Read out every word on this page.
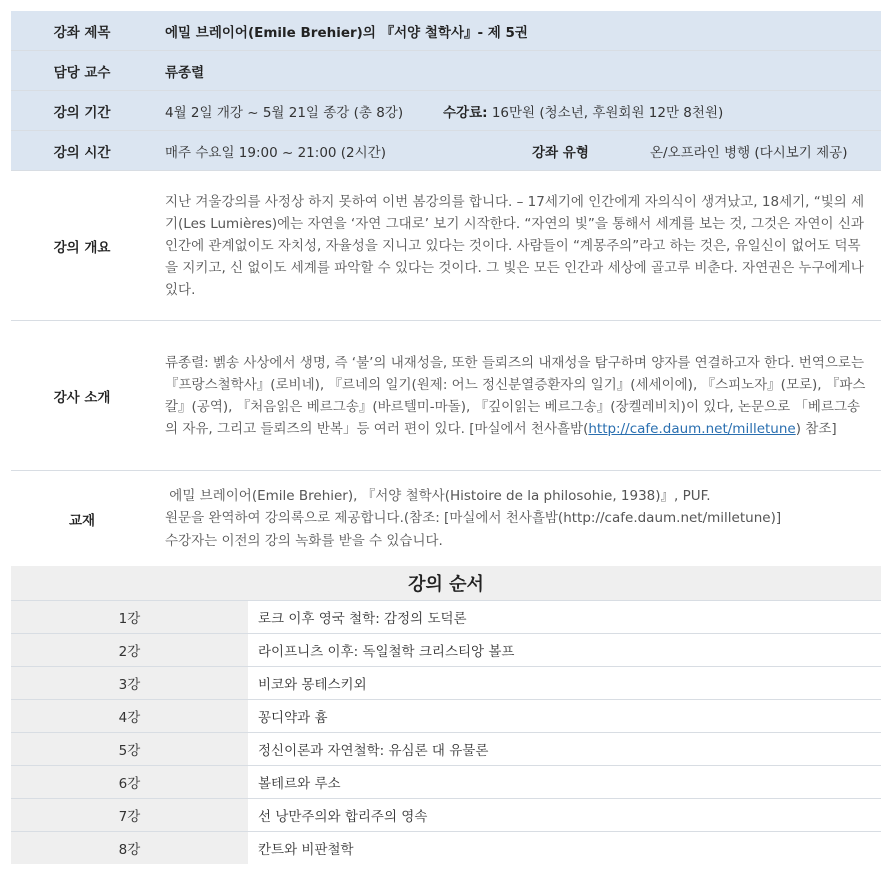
강좌 제목	에밀 브레이어(Emile Brehier)의 『서양 철학사』- 제 5권
담당 교수	류종렬
강의 기간	4월 2일 개강 ~ 5월 21일 종강 (총 8강)	수강료: 16만원 (청소년, 후원회원 12만 8천원)
강의 시간	매주 수요일 19:00 ~ 21:00 (2시간)	강좌 유형	온/오프라인 병행 (다시보기 제공)
강의 개요
지난 겨울강의를 사정상 하지 못하여 이번 봄강의를 합니다. – 17세기에 인간에게 자의식이 생겨났고, 18세기, “빛의 세기(Les Lumières)에는 자연을 ‘자연 그대로’ 보기 시작한다. “자연의 빛”을 통해서 세계를 보는 것, 그것은 자연이 신과 인간에 관계없이도 자치성, 자율성을 지니고 있다는 것이다. 사람들이 “계몽주의”라고 하는 것은, 유일신이 없어도 덕목을 지키고, 신 없이도 세계를 파악할 수 있다는 것이다. 그 빛은 모든 인간과 세상에 골고루 비춘다. 자연권은 누구에게나 있다.
강사 소개
류종렬: 벩송 사상에서 생명, 즉 ‘불’의 내재성을, 또한 들뢰즈의 내재성을 탐구하며 양자를 연결하고자 한다. 번역으로는 『프랑스철학사』(로비네), 『르네의 일기(원제: 어느 정신분열증환자의 일기』(세세이에), 『스피노자』(모로), 『파스칼』(공역), 『처음읽은 베르그송』(바르텔미-마돌), 『깊이읽는 베르그송』(장켈레비치)이 있다, 논문으로 「베르그송의 자유, 그리고 들뢰즈의 반복」등 여러 편이 있다. [마실에서 천사흘밤(http://cafe.daum.net/milletune) 참조]
교재
에밀 브레이어(Emile Brehier), 『서양 철학사(Histoire de la philosohie, 1938)』, PUF.
원문을 완역하여 강의록으로 제공합니다.(참조: [마실에서 천사흘밤(http://cafe.daum.net/milletune)]
수강자는 이전의 강의 녹화를 받을 수 있습니다.
강의 순서
1강	로크 이후 영국 철학: 감정의 도덕론
2강	라이프니츠 이후: 독일철학 크리스티앙 볼프
3강	비코와 몽테스키외
4강	꽁디약과 흄
5강	정신이론과 자연철학: 유심론 대 유물론
6강	볼테르와 루소
7강	선 낭만주의와 합리주의 영속
8강	칸트와 비판철학
